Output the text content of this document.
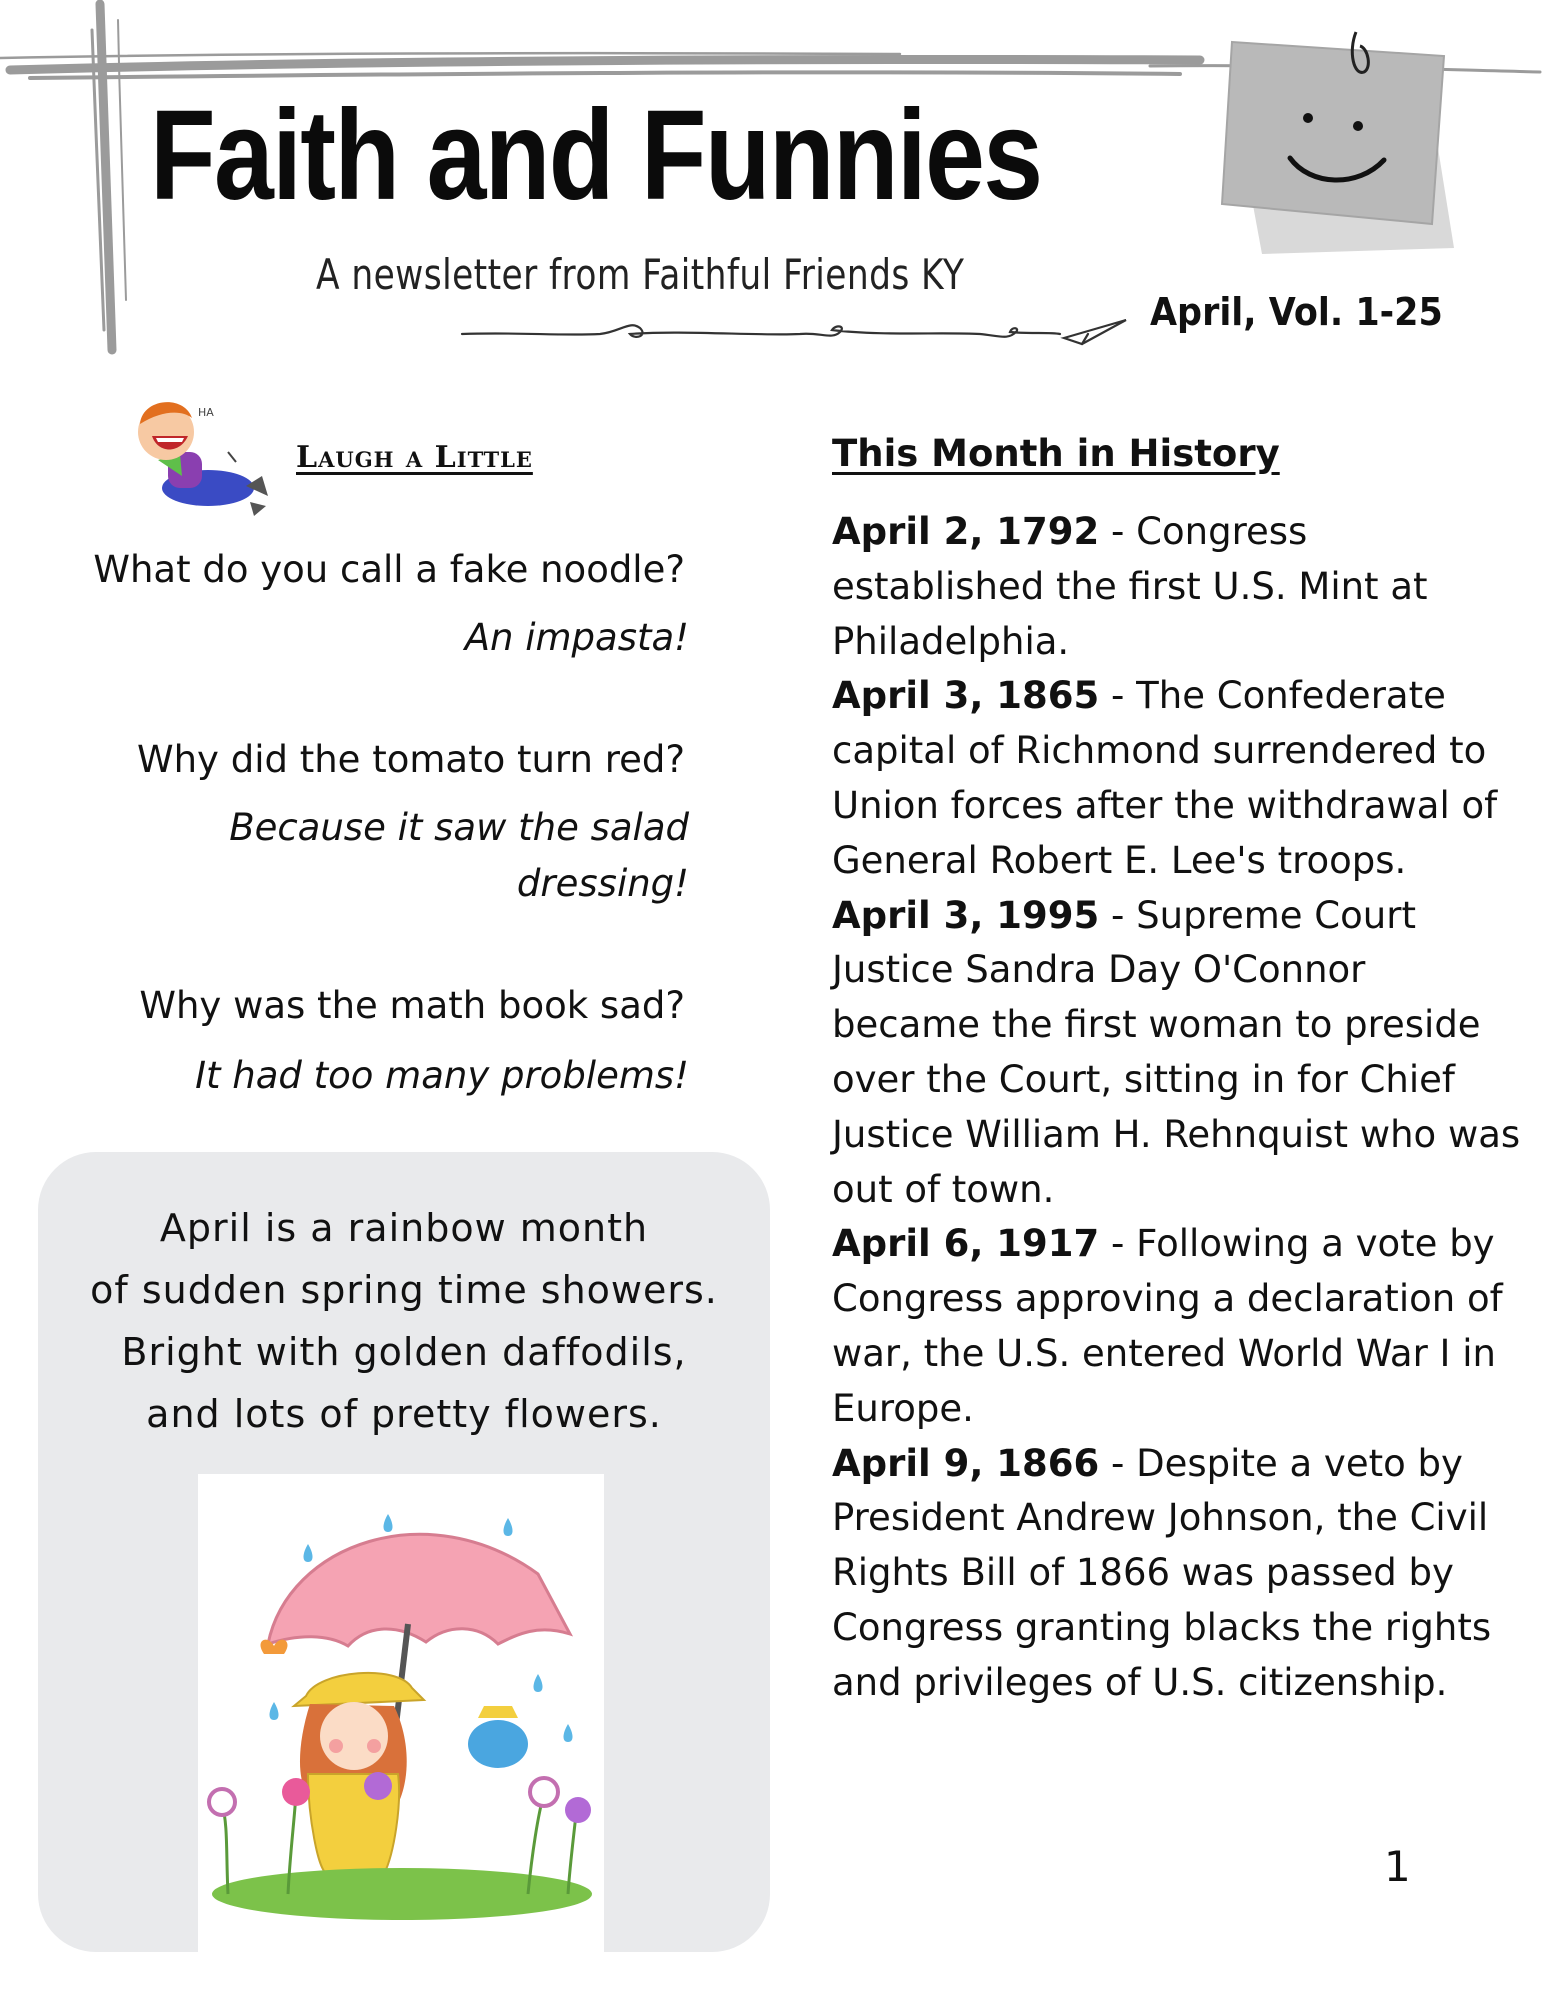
Faith and Funnies
A newsletter from Faithful Friends KY
April, Vol. 1-25
HA
Laugh a Little
What do you call a fake noodle?
An impasta!
Why did the tomato turn red?
Because it saw the salad
dressing!
Why was the math book sad?
It had too many problems!
April is a rainbow month
of sudden spring time showers.
Bright with golden daffodils,
and lots of pretty flowers.
This Month in History

April 2, 1792 - Congress established the first U.S. Mint at Philadelphia.

April 3, 1865 - The Confederate capital of Richmond surrendered to Union forces after the withdrawal of General Robert E. Lee's troops.

April 3, 1995 - Supreme Court Justice Sandra Day O'Connor became the first woman to preside over the Court, sitting in for Chief Justice William H. Rehnquist who was out of town.

April 6, 1917 - Following a vote by Congress approving a declaration of war, the U.S. entered World War I in Europe.

April 9, 1866 - Despite a veto by President Andrew Johnson, the Civil Rights Bill of 1866 was passed by Congress granting blacks the rights and privileges of U.S. citizenship.

1
